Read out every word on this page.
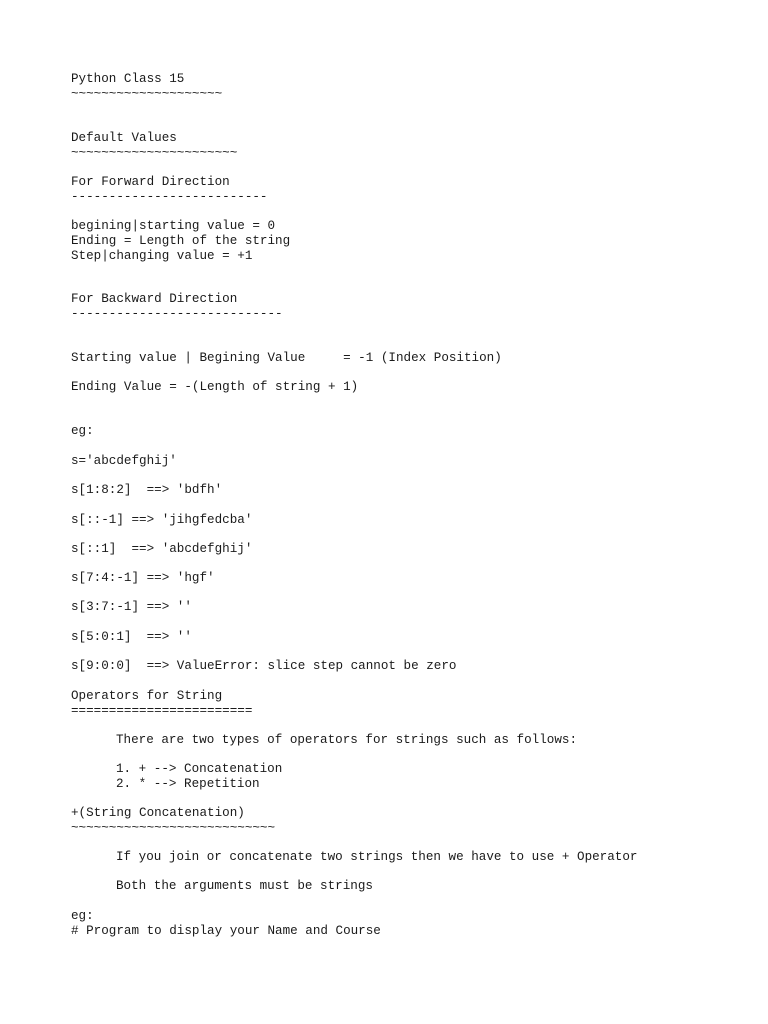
Python Class 15
~~~~~~~~~~~~~~~~~~~~
Default Values
~~~~~~~~~~~~~~~~~~~~~~
For Forward Direction
--------------------------
begining|starting value = 0
Ending = Length of the string
Step|changing value = +1
For Backward Direction
----------------------------
Starting value | Begining Value     = -1 (Index Position)
Ending Value = -(Length of string + 1)
eg:
s='abcdefghij'
s[1:8:2]  ==> 'bdfh'
s[::-1] ==> 'jihgfedcba'
s[::1]  ==> 'abcdefghij'
s[7:4:-1] ==> 'hgf'
s[3:7:-1] ==> ''
s[5:0:1]  ==> ''
s[9:0:0]  ==> ValueError: slice step cannot be zero
Operators for String
========================
There are two types of operators for strings such as follows:
1. + --> Concatenation
2. * --> Repetition
+(String Concatenation)
~~~~~~~~~~~~~~~~~~~~~~~~~~~
If you join or concatenate two strings then we have to use + Operator
Both the arguments must be strings
eg:
# Program to display your Name and Course
